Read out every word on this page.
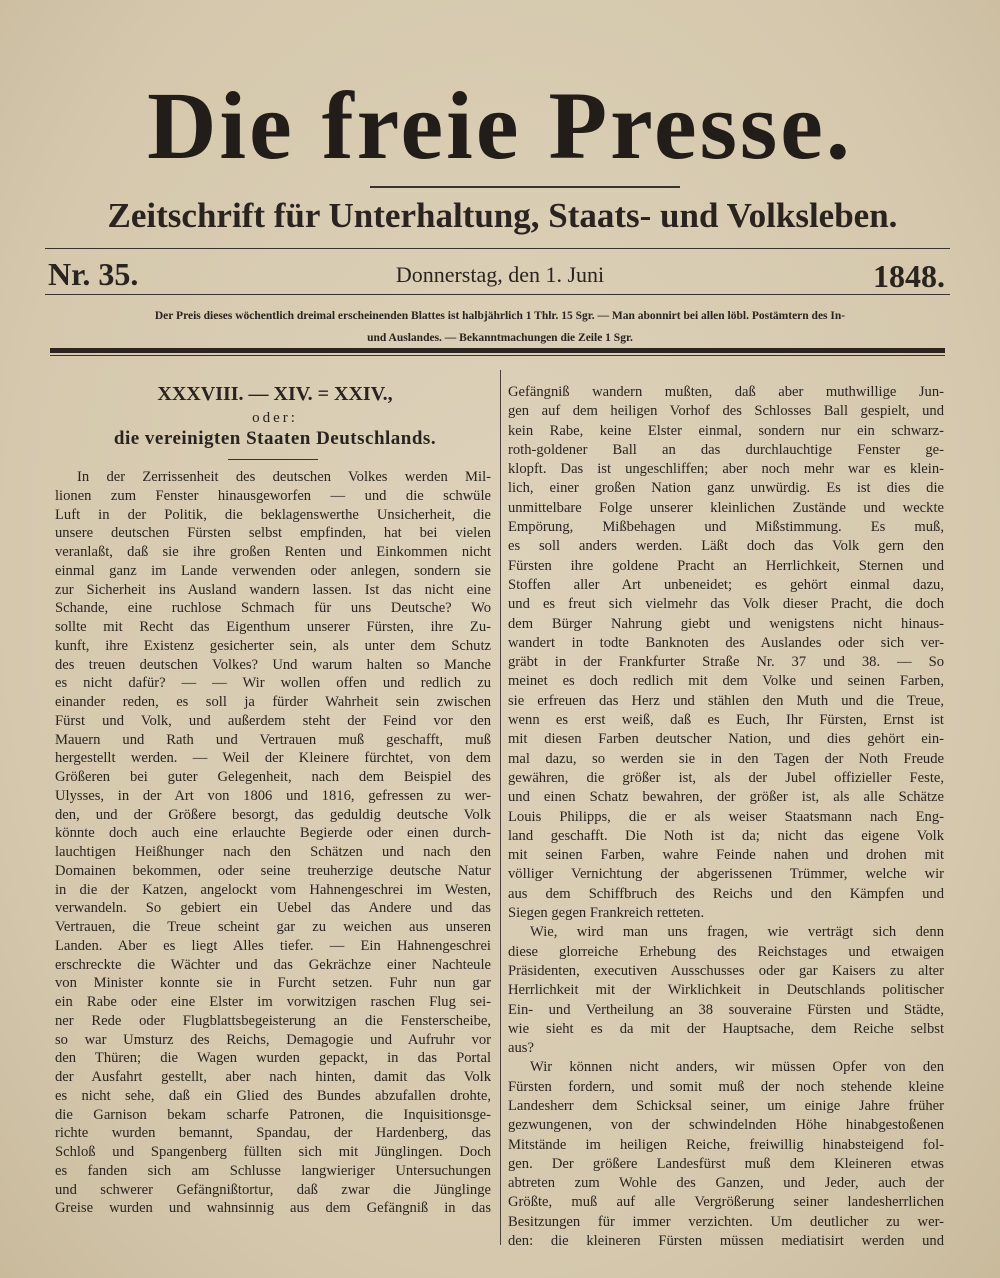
Die freie Presse.
Zeitschrift für Unterhaltung, Staats- und Volksleben.
Nr. 35.	Donnerstag, den 1. Juni	1848.
Der Preis dieses wöchentlich dreimal erscheinenden Blattes ist halbjährlich 1 Thlr. 15 Sgr. — Man abonnirt bei allen löbl. Postämtern des In-
und Auslandes. — Bekanntmachungen die Zeile 1 Sgr.
XXXVIII. — XIV. = XXIV.,
oder:
die vereinigten Staaten Deutschlands.
In der Zerrissenheit des deutschen Volkes werden Mil-
lionen zum Fenster hinausgeworfen — und die schwüle
Luft in der Politik, die beklagenswerthe Unsicherheit, die
unsere deutschen Fürsten selbst empfinden, hat bei vielen
veranlaßt, daß sie ihre großen Renten und Einkommen nicht
einmal ganz im Lande verwenden oder anlegen, sondern sie
zur Sicherheit ins Ausland wandern lassen. Ist das nicht eine
Schande, eine ruchlose Schmach für uns Deutsche? Wo
sollte mit Recht das Eigenthum unserer Fürsten, ihre Zu-
kunft, ihre Existenz gesicherter sein, als unter dem Schutz
des treuen deutschen Volkes? Und warum halten so Manche
es nicht dafür? — — Wir wollen offen und redlich zu
einander reden, es soll ja fürder Wahrheit sein zwischen
Fürst und Volk, und außerdem steht der Feind vor den
Mauern und Rath und Vertrauen muß geschafft, muß
hergestellt werden. — Weil der Kleinere fürchtet, von dem
Größeren bei guter Gelegenheit, nach dem Beispiel des
Ulysses, in der Art von 1806 und 1816, gefressen zu wer-
den, und der Größere besorgt, das geduldig deutsche Volk
könnte doch auch eine erlauchte Begierde oder einen durch-
lauchtigen Heißhunger nach den Schätzen und nach den
Domainen bekommen, oder seine treuherzige deutsche Natur
in die der Katzen, angelockt vom Hahnengeschrei im Westen,
verwandeln. So gebiert ein Uebel das Andere und das
Vertrauen, die Treue scheint gar zu weichen aus unseren
Landen. Aber es liegt Alles tiefer. — Ein Hahnengeschrei
erschreckte die Wächter und das Gekrächze einer Nachteule
von Minister konnte sie in Furcht setzen. Fuhr nun gar
ein Rabe oder eine Elster im vorwitzigen raschen Flug sei-
ner Rede oder Flugblattsbegeisterung an die Fensterscheibe,
so war Umsturz des Reichs, Demagogie und Aufruhr vor
den Thüren; die Wagen wurden gepackt, in das Portal
der Ausfahrt gestellt, aber nach hinten, damit das Volk
es nicht sehe, daß ein Glied des Bundes abzufallen drohte,
die Garnison bekam scharfe Patronen, die Inquisitionsge-
richte wurden bemannt, Spandau, der Hardenberg, das
Schloß und Spangenberg füllten sich mit Jünglingen. Doch
es fanden sich am Schlusse langwieriger Untersuchungen
und schwerer Gefängnißtortur, daß zwar die Jünglinge
Greise wurden und wahnsinnig aus dem Gefängniß in das
Gefängniß wandern mußten, daß aber muthwillige Jun-
gen auf dem heiligen Vorhof des Schlosses Ball gespielt, und
kein Rabe, keine Elster einmal, sondern nur ein schwarz-
roth-goldener Ball an das durchlauchtige Fenster ge-
klopft. Das ist ungeschliffen; aber noch mehr war es klein-
lich, einer großen Nation ganz unwürdig. Es ist dies die
unmittelbare Folge unserer kleinlichen Zustände und weckte
Empörung, Mißbehagen und Mißstimmung. Es muß,
es soll anders werden. Läßt doch das Volk gern den
Fürsten ihre goldene Pracht an Herrlichkeit, Sternen und
Stoffen aller Art unbeneidet; es gehört einmal dazu,
und es freut sich vielmehr das Volk dieser Pracht, die doch
dem Bürger Nahrung giebt und wenigstens nicht hinaus-
wandert in todte Banknoten des Auslandes oder sich ver-
gräbt in der Frankfurter Straße Nr. 37 und 38. — So
meinet es doch redlich mit dem Volke und seinen Farben,
sie erfreuen das Herz und stählen den Muth und die Treue,
wenn es erst weiß, daß es Euch, Ihr Fürsten, Ernst ist
mit diesen Farben deutscher Nation, und dies gehört ein-
mal dazu, so werden sie in den Tagen der Noth Freude
gewähren, die größer ist, als der Jubel offizieller Feste,
und einen Schatz bewahren, der größer ist, als alle Schätze
Louis Philipps, die er als weiser Staatsmann nach Eng-
land geschafft. Die Noth ist da; nicht das eigene Volk
mit seinen Farben, wahre Feinde nahen und drohen mit
völliger Vernichtung der abgerissenen Trümmer, welche wir
aus dem Schiffbruch des Reichs und den Kämpfen und
Siegen gegen Frankreich retteten.
Wie, wird man uns fragen, wie verträgt sich denn
diese glorreiche Erhebung des Reichstages und etwaigen
Präsidenten, executiven Ausschusses oder gar Kaisers zu alter
Herrlichkeit mit der Wirklichkeit in Deutschlands politischer
Ein- und Vertheilung an 38 souveraine Fürsten und Städte,
wie sieht es da mit der Hauptsache, dem Reiche selbst
aus?
Wir können nicht anders, wir müssen Opfer von den
Fürsten fordern, und somit muß der noch stehende kleine
Landesherr dem Schicksal seiner, um einige Jahre früher
gezwungenen, von der schwindelnden Höhe hinabgestoßenen
Mitstände im heiligen Reiche, freiwillig hinabsteigend fol-
gen. Der größere Landesfürst muß dem Kleineren etwas
abtreten zum Wohle des Ganzen, und Jeder, auch der
Größte, muß auf alle Vergrößerung seiner landesherrlichen
Besitzungen für immer verzichten. Um deutlicher zu wer-
den: die kleineren Fürsten müssen mediatisirt werden und
